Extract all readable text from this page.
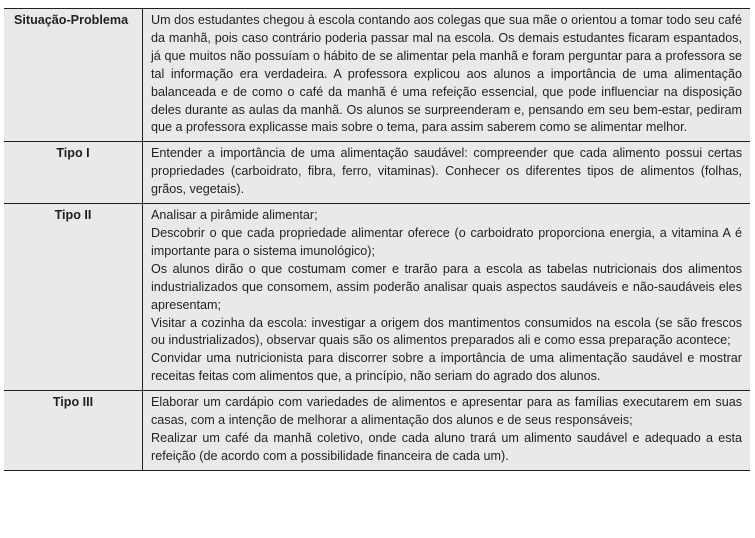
Situação-Problema	Um dos estudantes chegou à escola contando aos colegas que sua mãe o orientou a tomar todo seu café da manhã, pois caso contrário poderia passar mal na escola. Os demais estudantes ficaram espantados, já que muitos não possuíam o hábito de se alimentar pela manhã e foram perguntar para a professora se tal informação era verdadeira. A professora explicou aos alunos a importância de uma alimentação balanceada e de como o café da manhã é uma refeição essencial, que pode influenciar na disposição deles durante as aulas da manhã. Os alunos se surpreenderam e, pensando em seu bem-estar, pediram que a professora explicasse mais sobre o tema, para assim saberem como se alimentar melhor.
Tipo I	Entender a importância de uma alimentação saudável: compreender que cada alimento possui certas propriedades (carboidrato, fibra, ferro, vitaminas). Conhecer os diferentes tipos de alimentos (folhas, grãos, vegetais).
Tipo II	Analisar a pirâmide alimentar;
Descobrir o que cada propriedade alimentar oferece (o carboidrato proporciona energia, a vitamina A é importante para o sistema imunológico);
Os alunos dirão o que costumam comer e trarão para a escola as tabelas nutricionais dos alimentos industrializados que consomem, assim poderão analisar quais aspectos saudáveis e não-saudáveis eles apresentam;
Visitar a cozinha da escola: investigar a origem dos mantimentos consumidos na escola (se são frescos ou industrializados), observar quais são os alimentos preparados ali e como essa preparação acontece;
Convidar uma nutricionista para discorrer sobre a importância de uma alimentação saudável e mostrar receitas feitas com alimentos que, a princípio, não seriam do agrado dos alunos.

Tipo III	Elaborar um cardápio com variedades de alimentos e apresentar para as famílias executarem em suas casas, com a intenção de melhorar a alimentação dos alunos e de seus responsáveis;
Realizar um café da manhã coletivo, onde cada aluno trará um alimento saudável e adequado a esta refeição (de acordo com a possibilidade financeira de cada um).
